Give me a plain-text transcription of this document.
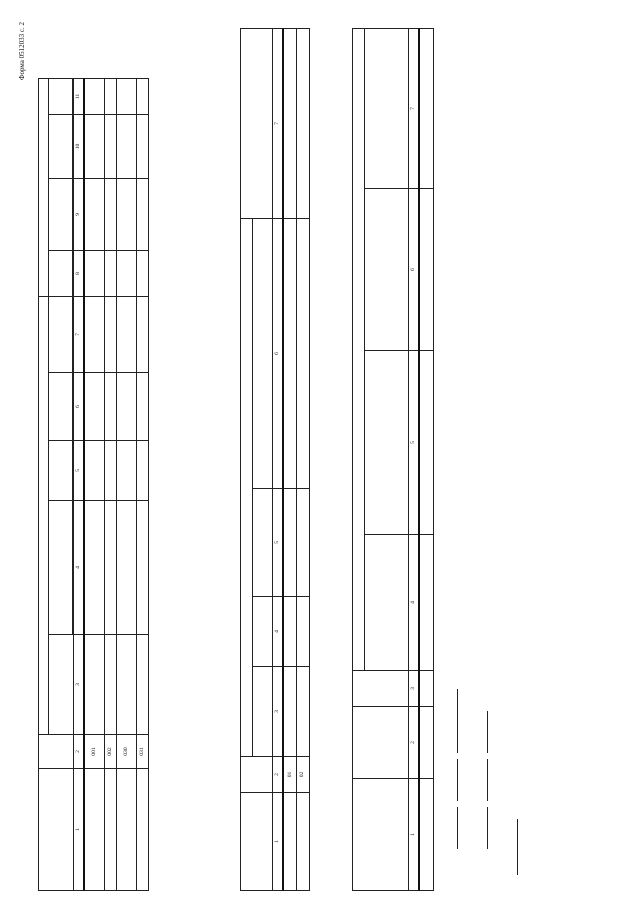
Форма 0512033 с. 2

1	2	3	4	5	6	7	8	9	10	11
	001									
	002									
	030									
	031									

1	2	3	4	5	6	7
	01					
	02					

1	2	3	4	5	6	7
